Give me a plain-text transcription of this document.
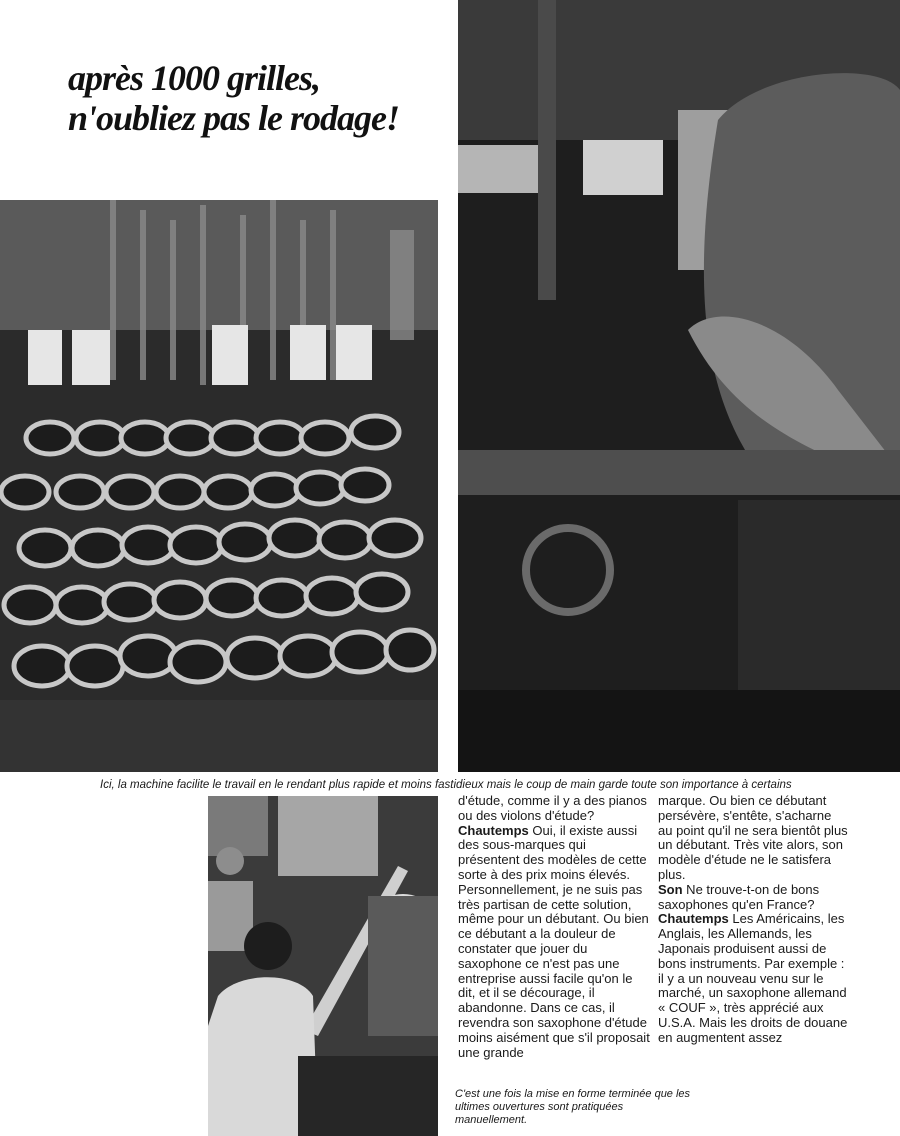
après 1000 grilles,
n'oubliez pas le rodage!
Ici, la machine facilite le travail en le rendant plus rapide et moins fastidieux mais le coup de main garde toute son importance à certains

d'étude, comme il y a des pianos ou des violons d'étude?
Chautemps Oui, il existe aussi des sous-marques qui présentent des modèles de cette sorte à des prix moins élevés. Personnellement, je ne suis pas très partisan de cette solution, même pour un débutant. Ou bien ce débutant a la douleur de constater que jouer du saxophone ce n'est pas une entreprise aussi facile qu'on le dit, et il se décourage, il abandonne. Dans ce cas, il revendra son saxophone d'étude moins aisément que s'il proposait une grande

marque. Ou bien ce débutant persévère, s'entête, s'acharne au point qu'il ne sera bientôt plus un débutant. Très vite alors, son modèle d'étude ne le satisfera plus.
Son Ne trouve-t-on de bons saxophones qu'en France?
Chautemps Les Américains, les Anglais, les Allemands, les Japonais produisent aussi de bons instruments. Par exemple : il y a un nouveau venu sur le marché, un saxophone allemand « COUF », très apprécié aux U.S.A. Mais les droits de douane en augmentent assez

C'est une fois la mise en forme terminée que les ultimes ouvertures sont pratiquées manuellement.
